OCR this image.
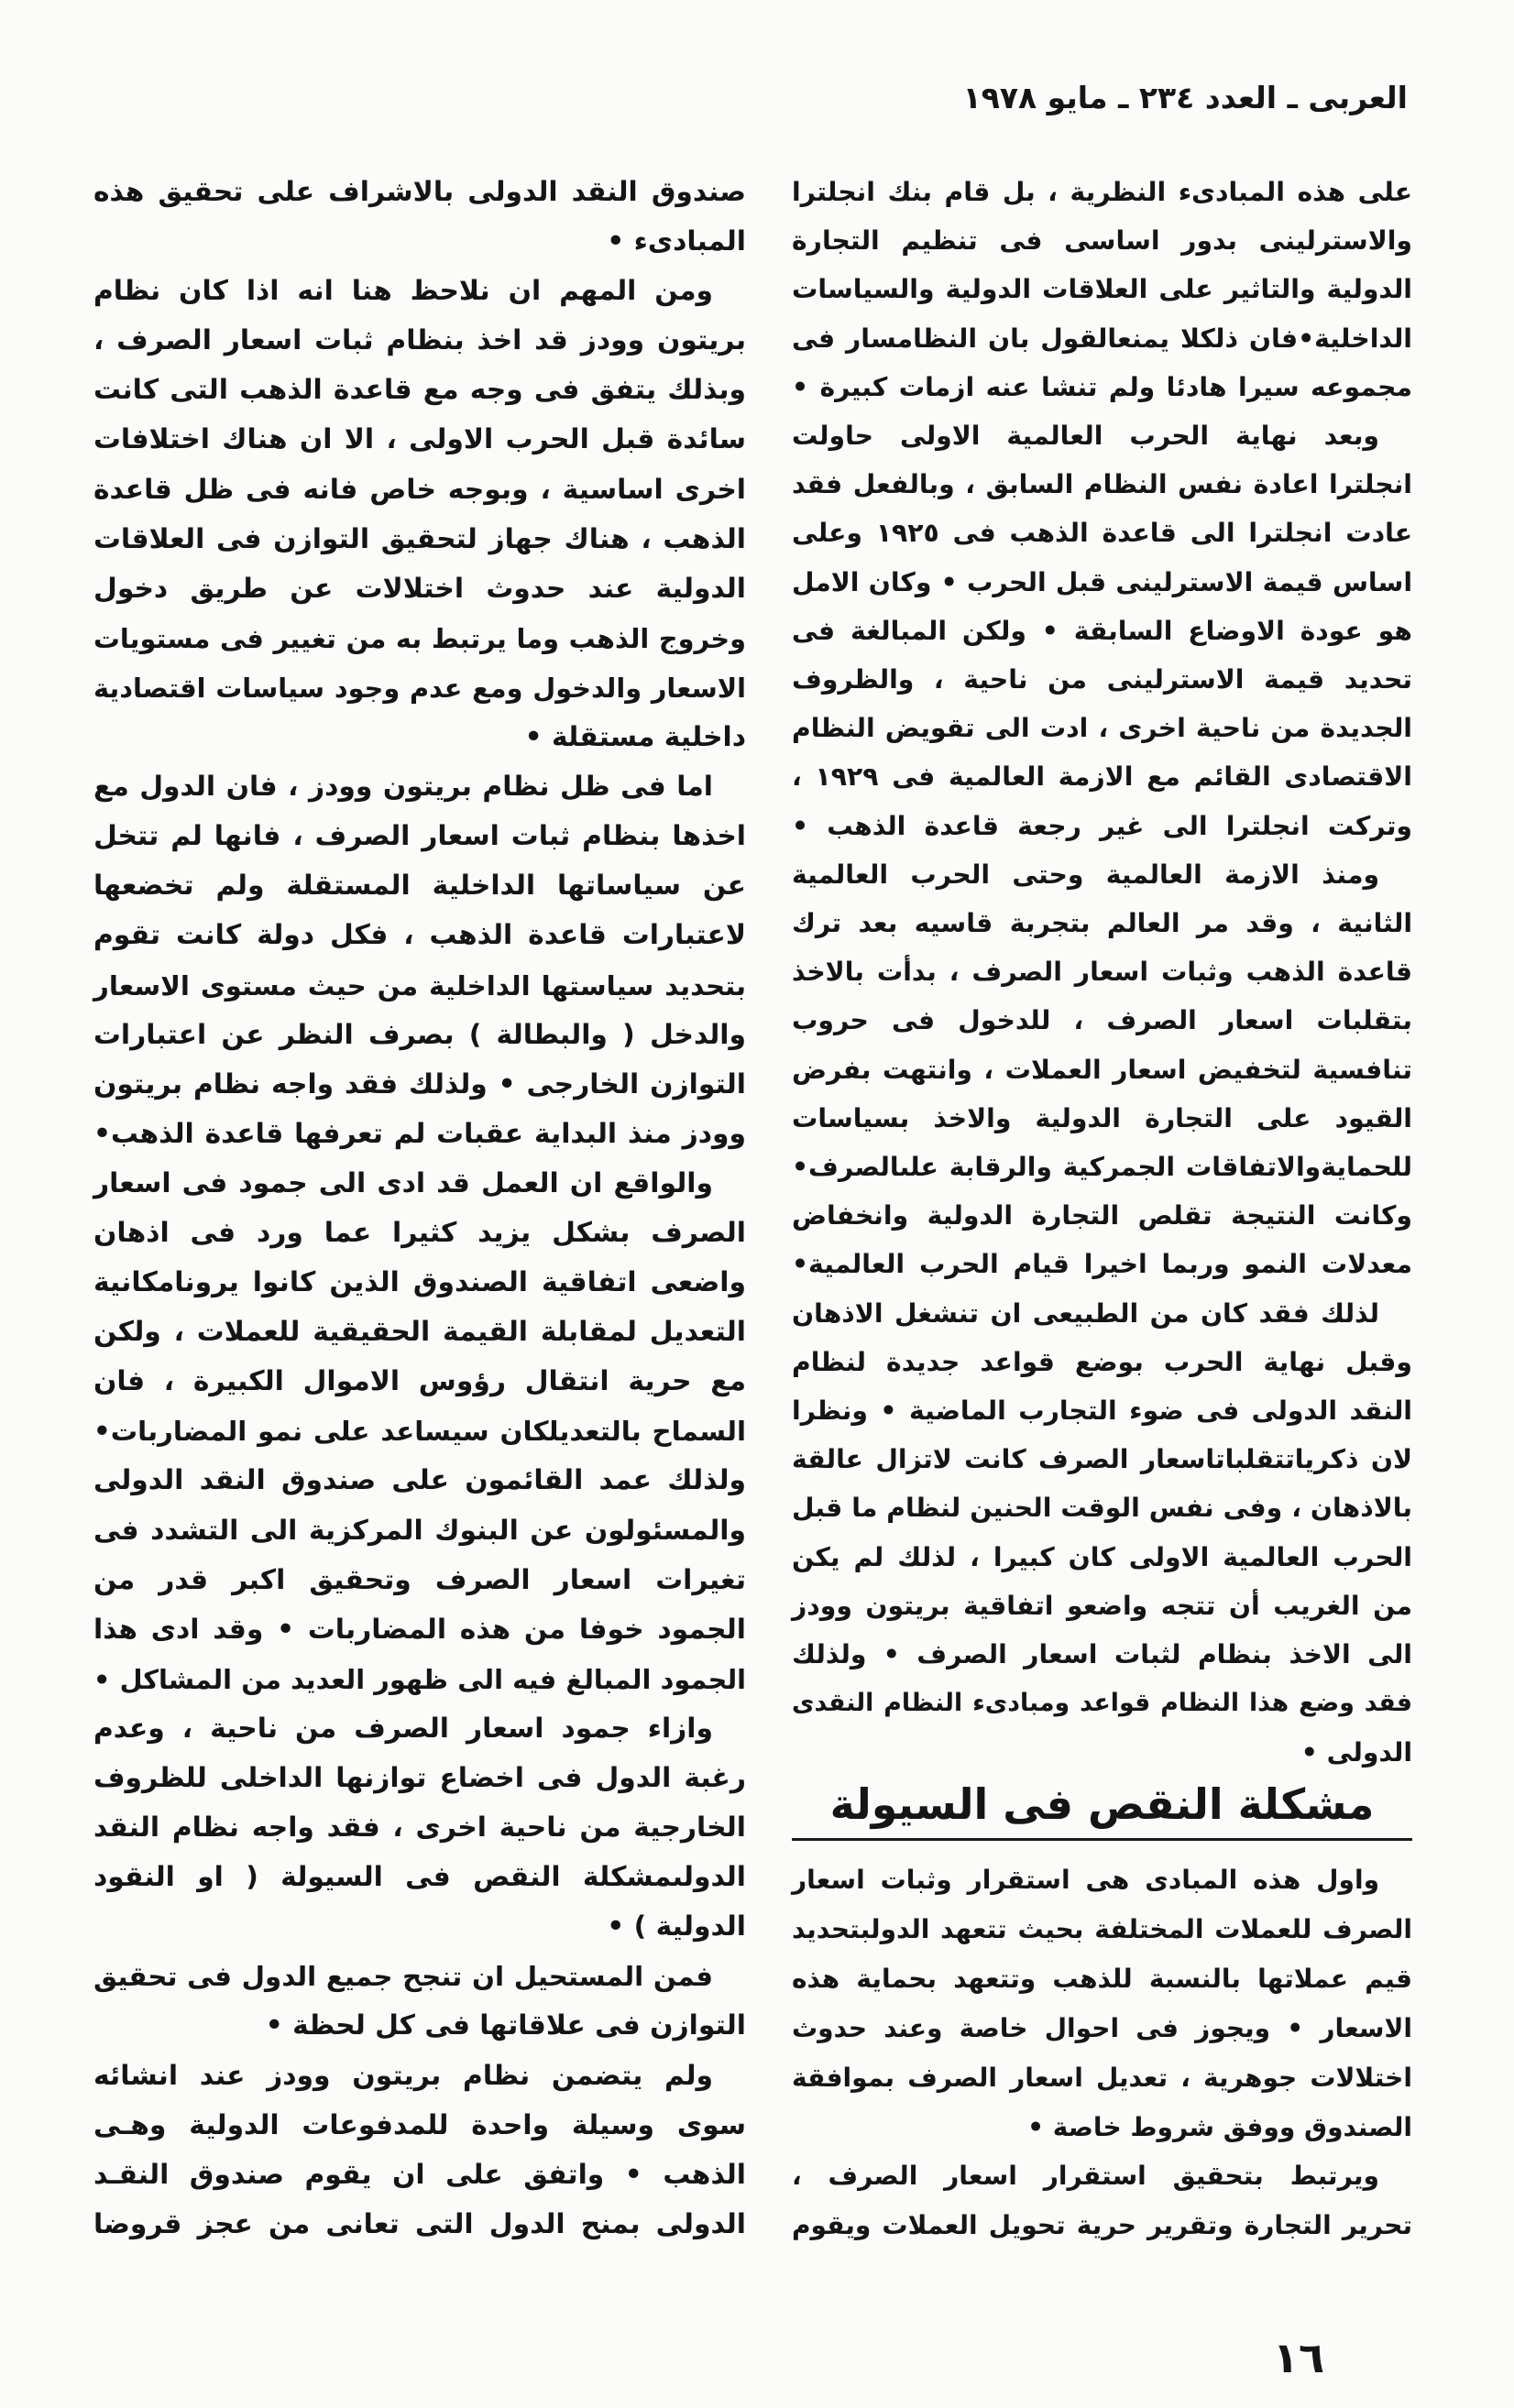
العربى ـ العدد ٢٣٤ ـ مايو ١٩٧٨
على هذه المبادىء النظرية ، بل قام بنك انجلترا
والاسترلينى بدور اساسى فى تنظيم التجارة
الدولية والتاثير على العلاقات الدولية والسياسات
الداخلية•فان ذلكلا يمنعالقول بان النظامسار فى
مجموعه سيرا هادئا ولم تنشا عنه ازمات كبيرة •
وبعد نهاية الحرب العالمية الاولى حاولت
انجلترا اعادة نفس النظام السابق ، وبالفعل فقد
عادت انجلترا الى قاعدة الذهب فى ١٩٢٥ وعلى
اساس قيمة الاسترلينى قبل الحرب • وكان الامل
هو عودة الاوضاع السابقة • ولكن المبالغة فى
تحديد قيمة الاسترلينى من ناحية ، والظروف
الجديدة من ناحية اخرى ، ادت الى تقويض النظام
الاقتصادى القائم مع الازمة العالمية فى ١٩٢٩ ،
وتركت انجلترا الى غير رجعة قاعدة الذهب •
ومنذ الازمة العالمية وحتى الحرب العالمية
الثانية ، وقد مر العالم بتجربة قاسيه بعد ترك
قاعدة الذهب وثبات اسعار الصرف ، بدأت بالاخذ
بتقلبات اسعار الصرف ، للدخول فى حروب
تنافسية لتخفيض اسعار العملات ، وانتهت بفرض
القيود على التجارة الدولية والاخذ بسياسات
للحمايةوالاتفاقات الجمركية والرقابة علىالصرف•
وكانت النتيجة تقلص التجارة الدولية وانخفاض
معدلات النمو وربما اخيرا قيام الحرب العالمية•
لذلك فقد كان من الطبيعى ان تنشغل الاذهان
وقبل نهاية الحرب بوضع قواعد جديدة لنظام
النقد الدولى فى ضوء التجارب الماضية • ونظرا
لان ذكرياتتقلباتاسعار الصرف كانت لاتزال عالقة
بالاذهان ، وفى نفس الوقت الحنين لنظام ما قبل
الحرب العالمية الاولى كان كبيرا ، لذلك لم يكن
من الغريب أن تتجه واضعو اتفاقية بريتون وودز
الى الاخذ بنظام لثبات اسعار الصرف • ولذلك
فقد وضع هذا النظام قواعد ومبادىء النظام النقدى
الدولى •
مشكلة النقص فى السيولة
واول هذه المبادى هى استقرار وثبات اسعار
الصرف للعملات المختلفة بحيث تتعهد الدولبتحديد
قيم عملاتها بالنسبة للذهب وتتعهد بحماية هذه
الاسعار • ويجوز فى احوال خاصة وعند حدوث
اختلالات جوهرية ، تعديل اسعار الصرف بموافقة
الصندوق ووفق شروط خاصة •
ويرتبط بتحقيق استقرار اسعار الصرف ،
تحرير التجارة وتقرير حرية تحويل العملات ويقوم
صندوق النقد الدولى بالاشراف على تحقيق هذه
المبادىء •
ومن المهم ان نلاحظ هنا انه اذا كان نظام
بريتون وودز قد اخذ بنظام ثبات اسعار الصرف ،
وبذلك يتفق فى وجه مع قاعدة الذهب التى كانت
سائدة قبل الحرب الاولى ، الا ان هناك اختلافات
اخرى اساسية ، وبوجه خاص فانه فى ظل قاعدة
الذهب ، هناك جهاز لتحقيق التوازن فى العلاقات
الدولية عند حدوث اختلالات عن طريق دخول
وخروج الذهب وما يرتبط به من تغيير فى مستويات
الاسعار والدخول ومع عدم وجود سياسات اقتصادية
داخلية مستقلة •
اما فى ظل نظام بريتون وودز ، فان الدول مع
اخذها بنظام ثبات اسعار الصرف ، فانها لم تتخل
عن سياساتها الداخلية المستقلة ولم تخضعها
لاعتبارات قاعدة الذهب ، فكل دولة كانت تقوم
بتحديد سياستها الداخلية من حيث مستوى الاسعار
والدخل ( والبطالة ) بصرف النظر عن اعتبارات
التوازن الخارجى • ولذلك فقد واجه نظام بريتون
وودز منذ البداية عقبات لم تعرفها قاعدة الذهب•
والواقع ان العمل قد ادى الى جمود فى اسعار
الصرف بشكل يزيد كثيرا عما ورد فى اذهان
واضعى اتفاقية الصندوق الذين كانوا يرونامكانية
التعديل لمقابلة القيمة الحقيقية للعملات ، ولكن
مع حرية انتقال رؤوس الاموال الكبيرة ، فان
السماح بالتعديلكان سيساعد على نمو المضاربات•
ولذلك عمد القائمون على صندوق النقد الدولى
والمسئولون عن البنوك المركزية الى التشدد فى
تغيرات اسعار الصرف وتحقيق اكبر قدر من
الجمود خوفا من هذه المضاربات • وقد ادى هذا
الجمود المبالغ فيه الى ظهور العديد من المشاكل •
وازاء جمود اسعار الصرف من ناحية ، وعدم
رغبة الدول فى اخضاع توازنها الداخلى للظروف
الخارجية من ناحية اخرى ، فقد واجه نظام النقد
الدولىمشكلة النقص فى السيولة ( او النقود
الدولية ) •
فمن المستحيل ان تنجح جميع الدول فى تحقيق
التوازن فى علاقاتها فى كل لحظة •
ولم يتضمن نظام بريتون وودز عند انشائه
سوى وسيلة واحدة للمدفوعات الدولية وهـى
الذهب • واتفق على ان يقوم صندوق النقـد
الدولى بمنح الدول التى تعانى من عجز قروضا
١٦
